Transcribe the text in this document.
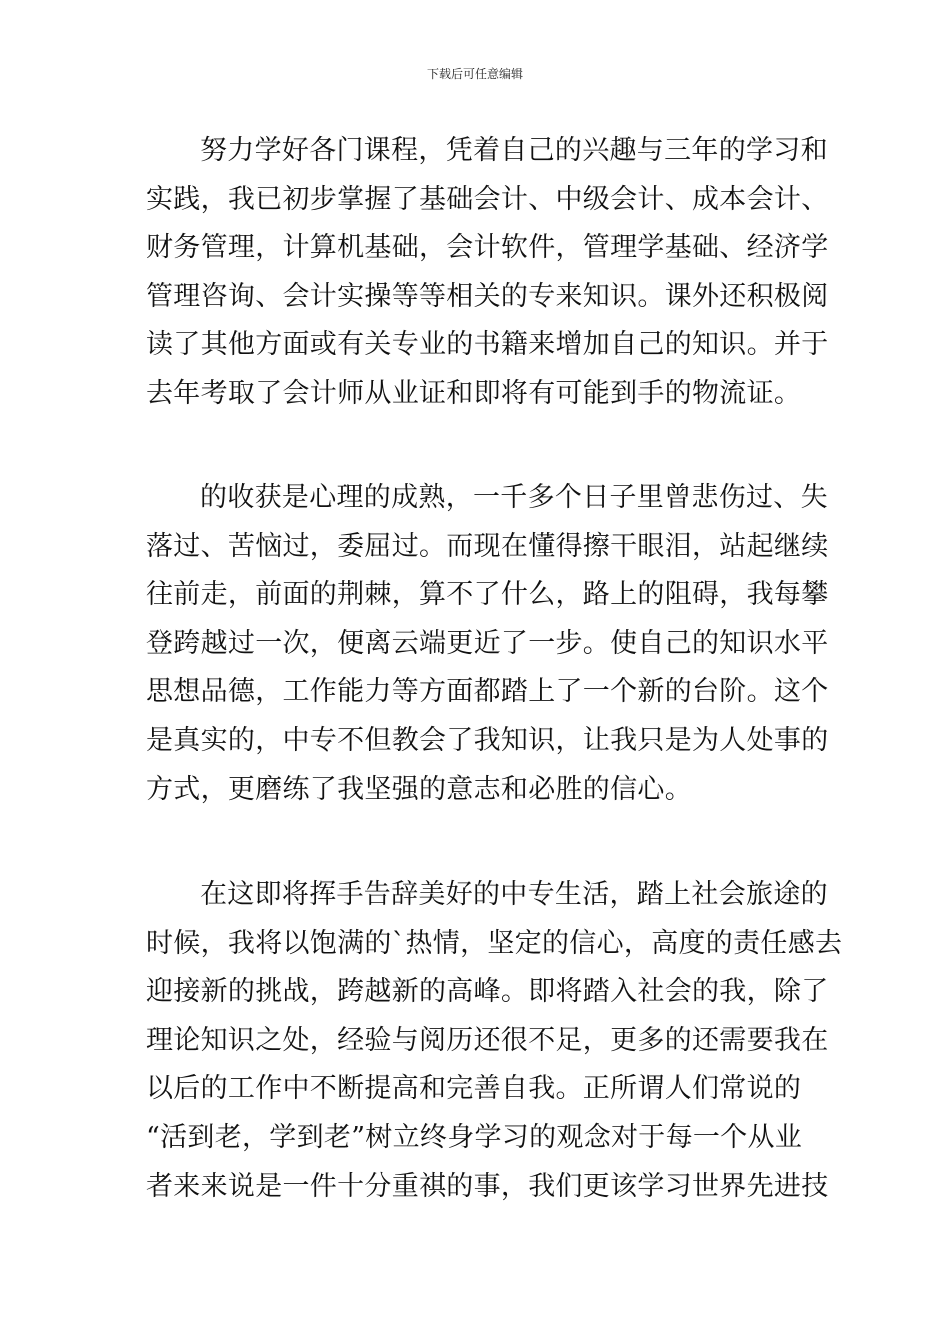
下载后可任意编辑
努力学好各门课程，凭着自己的兴趣与三年的学习和
实践，我已初步掌握了基础会计、中级会计、成本会计、
财务管理，计算机基础，会计软件，管理学基础、经济学
管理咨询、会计实操等等相关的专来知识。课外还积极阅
读了其他方面或有关专业的书籍来增加自己的知识。并于
去年考取了会计师从业证和即将有可能到手的物流证。
的收获是心理的成熟，一千多个日子里曾悲伤过、失
落过、苦恼过，委屈过。而现在懂得擦干眼泪，站起继续
往前走，前面的荆棘，算不了什么，路上的阻碍，我每攀
登跨越过一次，便离云端更近了一步。使自己的知识水平
思想品德，工作能力等方面都踏上了一个新的台阶。这个
是真实的，中专不但教会了我知识，让我只是为人处事的
方式，更磨练了我坚强的意志和必胜的信心。
在这即将挥手告辞美好的中专生活，踏上社会旅途的
时候，我将以饱满的`热情，坚定的信心，高度的责任感去
迎接新的挑战，跨越新的高峰。即将踏入社会的我，除了
理论知识之处，经验与阅历还很不足，更多的还需要我在
以后的工作中不断提高和完善自我。正所谓人们常说的
“活到老，学到老”树立终身学习的观念对于每一个从业
者来来说是一件十分重祺的事，我们更该学习世界先进技
